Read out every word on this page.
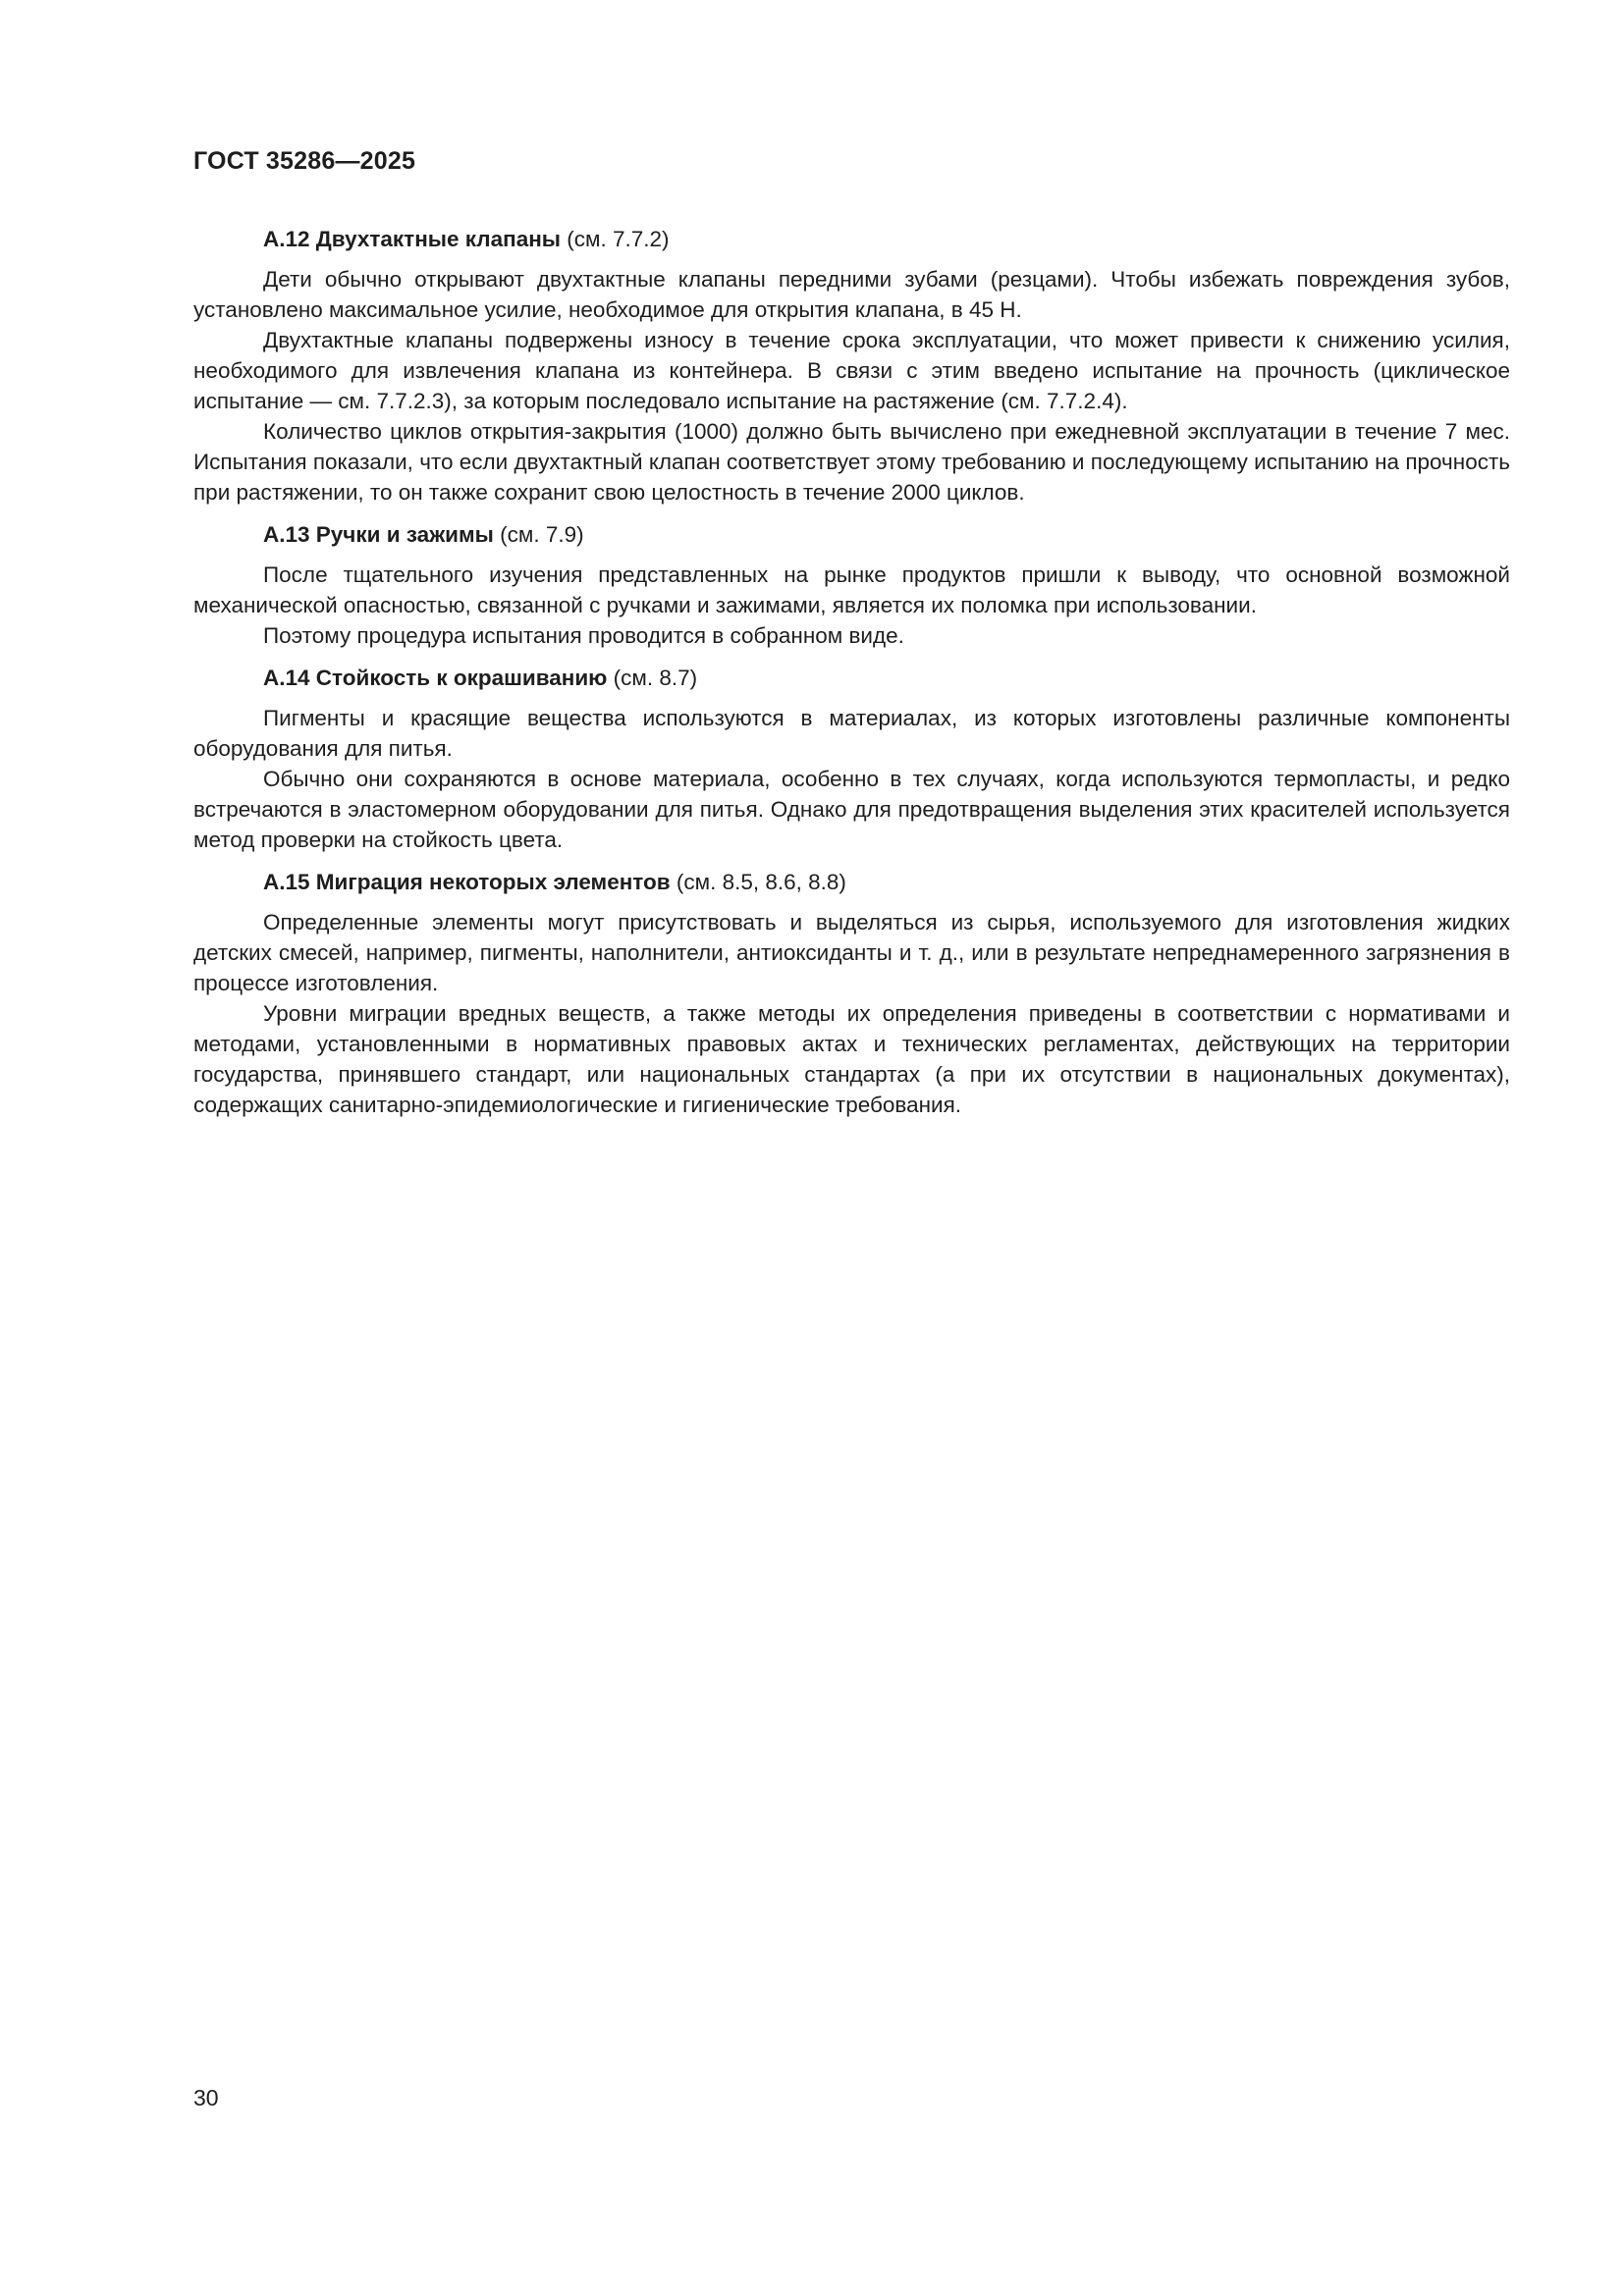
ГОСТ 35286—2025

А.12 Двухтактные клапаны (см. 7.7.2)

Дети обычно открывают двухтактные клапаны передними зубами (резцами). Чтобы избежать повреждения зубов, установлено максимальное усилие, необходимое для открытия клапана, в 45 Н.

Двухтактные клапаны подвержены износу в течение срока эксплуатации, что может привести к снижению усилия, необходимого для извлечения клапана из контейнера. В связи с этим введено испытание на прочность (циклическое испытание — см. 7.7.2.3), за которым последовало испытание на растяжение (см. 7.7.2.4).

Количество циклов открытия-закрытия (1000) должно быть вычислено при ежедневной эксплуатации в течение 7 мес. Испытания показали, что если двухтактный клапан соответствует этому требованию и последующему испытанию на прочность при растяжении, то он также сохранит свою целостность в течение 2000 циклов.

А.13 Ручки и зажимы (см. 7.9)

После тщательного изучения представленных на рынке продуктов пришли к выводу, что основной возможной механической опасностью, связанной с ручками и зажимами, является их поломка при использовании.

Поэтому процедура испытания проводится в собранном виде.

А.14 Стойкость к окрашиванию (см. 8.7)

Пигменты и красящие вещества используются в материалах, из которых изготовлены различные компоненты оборудования для питья.

Обычно они сохраняются в основе материала, особенно в тех случаях, когда используются термопласты, и редко встречаются в эластомерном оборудовании для питья. Однако для предотвращения выделения этих красителей используется метод проверки на стойкость цвета.

А.15 Миграция некоторых элементов (см. 8.5, 8.6, 8.8)

Определенные элементы могут присутствовать и выделяться из сырья, используемого для изготовления жидких детских смесей, например, пигменты, наполнители, антиоксиданты и т. д., или в результате непреднамеренного загрязнения в процессе изготовления.

Уровни миграции вредных веществ, а также методы их определения приведены в соответствии с нормативами и методами, установленными в нормативных правовых актах и технических регламентах, действующих на территории государства, принявшего стандарт, или национальных стандартах (а при их отсутствии в национальных документах), содержащих санитарно-эпидемиологические и гигиенические требования.

30
